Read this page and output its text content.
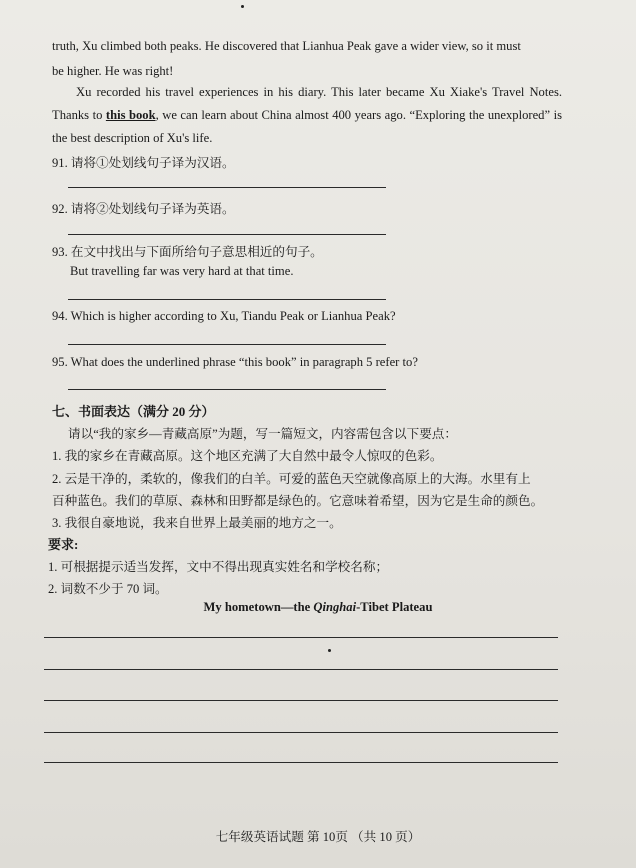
truth, Xu climbed both peaks. He discovered that Lianhua Peak gave a wider view, so it must
be higher. He was right!
Xu recorded his travel experiences in his diary. This later became Xu Xiake's Travel Notes. Thanks to this book, we can learn about China almost 400 years ago. “Exploring the unexplored” is the best description of Xu's life.
91. 请将①处划线句子译为汉语。
92. 请将②处划线句子译为英语。
93. 在文中找出与下面所给句子意思相近的句子。
But travelling far was very hard at that time.
94. Which is higher according to Xu, Tiandu Peak or Lianhua Peak?
95. What does the underlined phrase “this book” in paragraph 5 refer to?
七、书面表达（满分 20 分）
请以“我的家乡—青藏高原”为题，写一篇短文，内容需包含以下要点：
1. 我的家乡在青藏高原。这个地区充满了大自然中最令人惊叹的色彩。
2. 云是干净的，柔软的，像我们的白羊。可爱的蓝色天空就像高原上的大海。水里有上
百种蓝色。我们的草原、森林和田野都是绿色的。它意味着希望，因为它是生命的颜色。
3. 我很自豪地说，我来自世界上最美丽的地方之一。
要求:
1. 可根据提示适当发挥，文中不得出现真实姓名和学校名称；
2. 词数不少于 70 词。
My hometown—the Qinghai-Tibet Plateau
七年级英语试题 第 10页 （共 10 页）
